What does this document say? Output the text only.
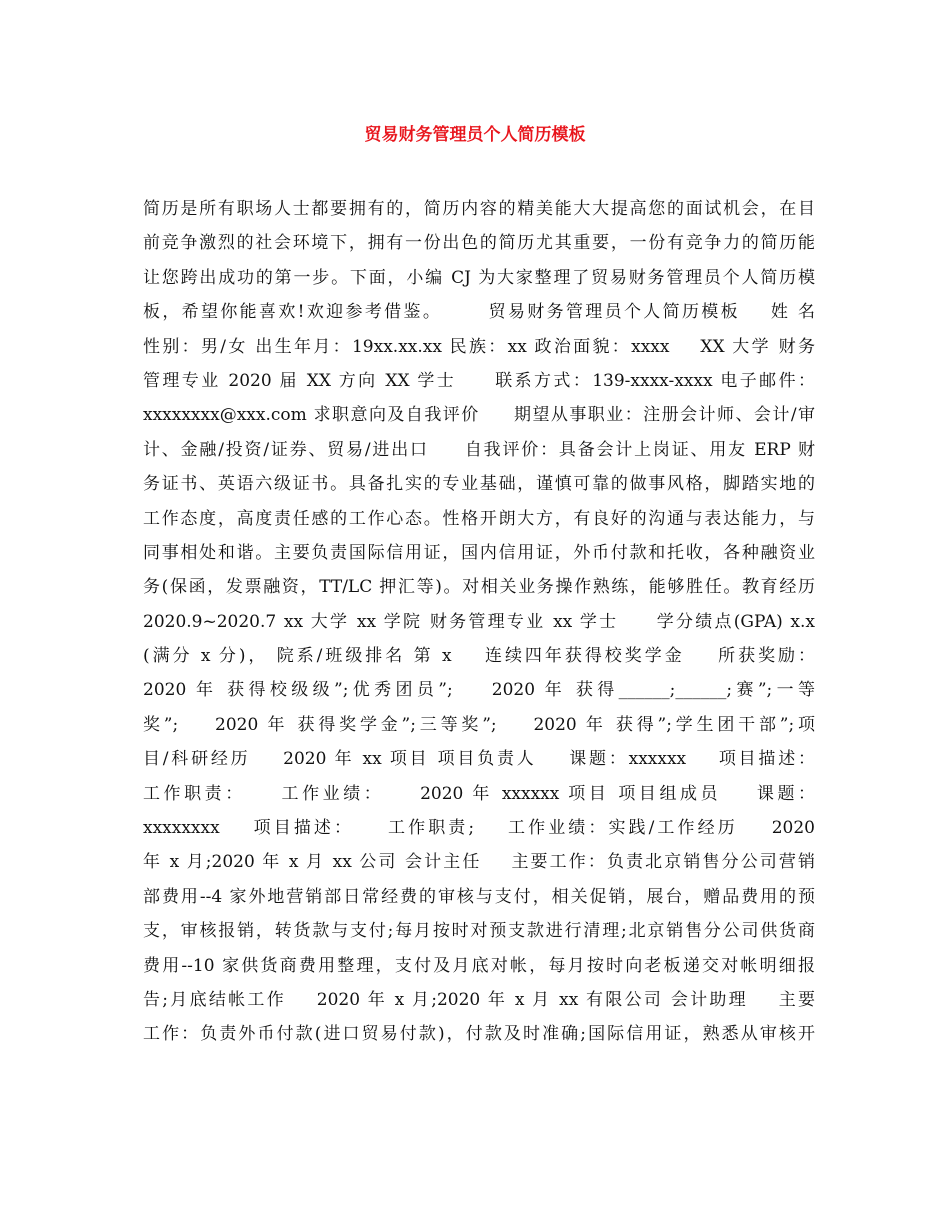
贸易财务管理员个人简历模板
简历是所有职场人士都要拥有的，简历内容的精美能大大提高您的面试机会，在目
前竞争激烈的社会环境下，拥有一份出色的简历尤其重要，一份有竞争力的简历能
让您跨出成功的第一步。下面，小编 CJ 为大家整理了贸易财务管理员个人简历模
板，希望你能喜欢!欢迎参考借鉴。      贸易财务管理员个人简历模板    姓 名
性别：男/女 出生年月：19xx.xx.xx 民族：xx 政治面貌：xxxx    XX 大学 财务
管理专业 2020 届 XX 方向 XX 学士     联系方式：139-xxxx-xxxx 电子邮件：
xxxxxxxx@xxx.com 求职意向及自我评价     期望从事职业：注册会计师、会计/审
计、金融/投资/证券、贸易/进出口     自我评价：具备会计上岗证、用友 ERP 财
务证书、英语六级证书。具备扎实的专业基础，谨慎可靠的做事风格，脚踏实地的
工作态度，高度责任感的工作心态。性格开朗大方，有良好的沟通与表达能力，与
同事相处和谐。主要负责国际信用证，国内信用证，外币付款和托收，各种融资业
务(保函，发票融资，TT/LC 押汇等)。对相关业务操作熟练，能够胜任。教育经历
2020.9~2020.7 xx 大学 xx 学院 财务管理专业 xx 学士     学分绩点(GPA) x.x
(满分 x 分)， 院系/班级排名 第 x    连续四年获得校奖学金    所获奖励：
2020 年 获得校级级”;优秀团员”;    2020 年 获得______;______;赛”;一等
奖”;    2020 年 获得奖学金”;三等奖”;    2020 年 获得”;学生团干部”;项
目/科研经历    2020 年 xx 项目 项目负责人    课题：xxxxxx    项目描述：
工作职责：    工作业绩：    2020 年 xxxxxx 项目 项目组成员    课题：
xxxxxxxx    项目描述：    工作职责;    工作业绩：实践/工作经历    2020
年 x 月;2020 年 x 月 xx 公司 会计主任    主要工作：负责北京销售分公司营销
部费用--4 家外地营销部日常经费的审核与支付，相关促销，展台，赠品费用的预
支，审核报销，转货款与支付;每月按时对预支款进行清理;北京销售分公司供货商
费用--10 家供货商费用整理，支付及月底对帐，每月按时向老板递交对帐明细报
告;月底结帐工作    2020 年 x 月;2020 年 x 月 xx 有限公司 会计助理    主要
工作：负责外币付款(进口贸易付款)，付款及时准确;国际信用证，熟悉从审核开
